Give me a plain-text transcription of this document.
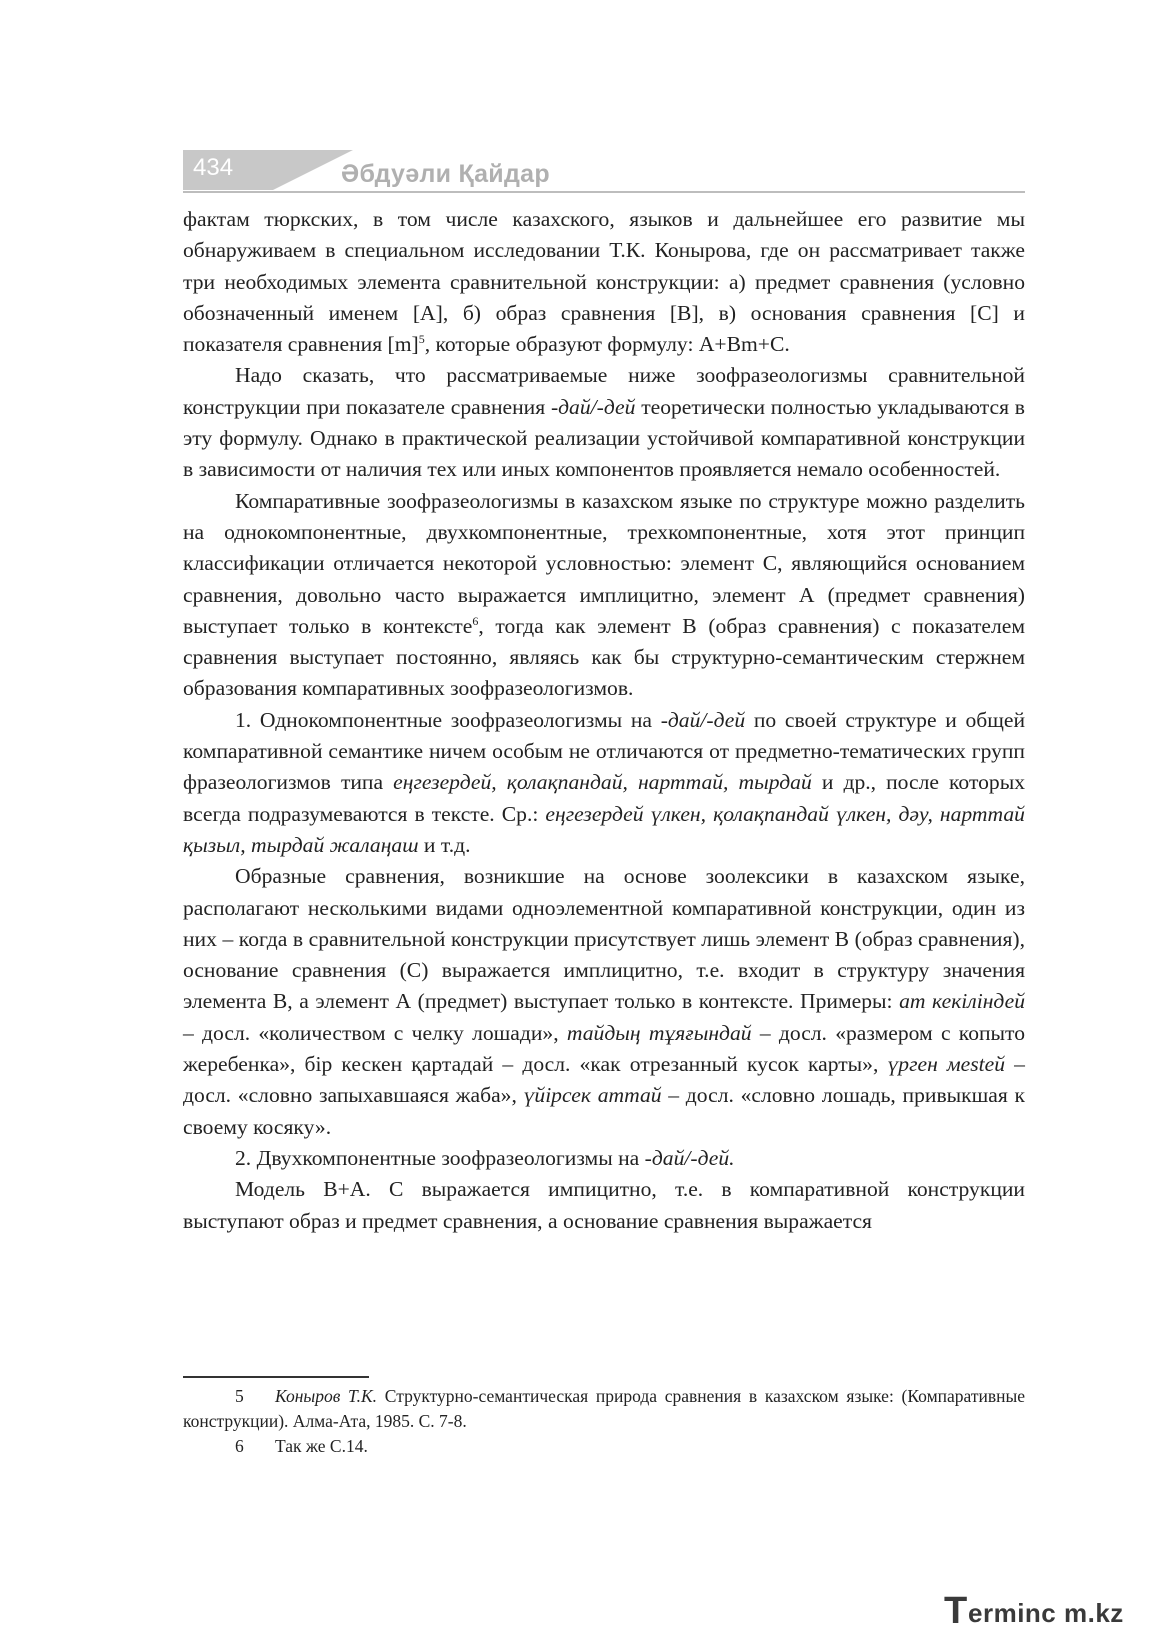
434	Әбдуәли Қайдар

фактам тюркских, в том числе казахского, языков и дальнейшее его развитие мы обнаруживаем в специальном исследовании Т.К. Конырова, где он рассматривает также три необходимых элемента сравнительной конструкции: а) предмет сравнения (условно обозначенный именем [A], б) образ сравнения [B], в) основания сравнения [C] и показателя сравнения $[m]^5$, которые образуют формулу: A+Bm+C.

Надо сказать, что рассматриваемые ниже зоофразеологизмы сравнительной конструкции при показателе сравнения -дай/-дей теоретически полностью укладываются в эту формулу. Однако в практической реализации устойчивой компаративной конструкции в зависимости от наличия тех или иных компонентов проявляется немало особенностей.

Компаративные зоофразеологизмы в казахском языке по структуре можно разделить на однокомпонентные, двухкомпонентные, трехкомпонентные, хотя этот принцип классификации отличается некоторой условностью: элемент С, являющийся основанием сравнения, довольно часто выражается имплицитно, элемент А (предмет сравнения) выступает только в контексте$^6$, тогда как элемент В (образ сравнения) с показателем сравнения выступает постоянно, являясь как бы структурно-семантическим стержнем образования компаративных зоофразеологизмов.

1. Однокомпонентные зоофразеологизмы на -дай/-дей по своей структуре и общей компаративной семантике ничем особым не отличаются от предметно-тематических групп фразеологизмов типа еңгезердей, қолақпандай, нарттай, тырдай и др., после которых всегда подразумеваются в тексте. Ср.: еңгезердей үлкен, қолақпандай үлкен, дәу, нарттай қызыл, тырдай жалаңаш и т.д.

Образные сравнения, возникшие на основе зоолексики в казахском языке, располагают несколькими видами одноэлементной компаративной конструкции, один из них – когда в сравнительной конструкции присутствует лишь элемент В (образ сравнения), основание сравнения (С) выражается имплицитно, т.е. входит в структуру значения элемента В, а элемент А (предмет) выступает только в контексте. Примеры: ат кекіліндей – досл. «количеством с челку лошади», тайдың тұяғындай – досл. «размером с копыто жеребенка», бір кескен қартадай – досл. «как отрезанный кусок карты», үрген мestей – досл. «словно запыхавшаяся жаба», үйірсек аттай – досл. «словно лошадь, привыкшая к своему косяку».

2. Двухкомпонентные зоофразеологизмы на -дай/-дей.

Модель В+А. С выражается импицитно, т.е. в компаративной конструкции выступают образ и предмет сравнения, а основание сравнения выражается

5 Коныров Т.К. Структурно-семантическая природа сравнения в казахском языке: (Компаративные конструкции). Алма-Ата, 1985. С. 7-8.

6 Так же С.14.

T erminc m.kz
